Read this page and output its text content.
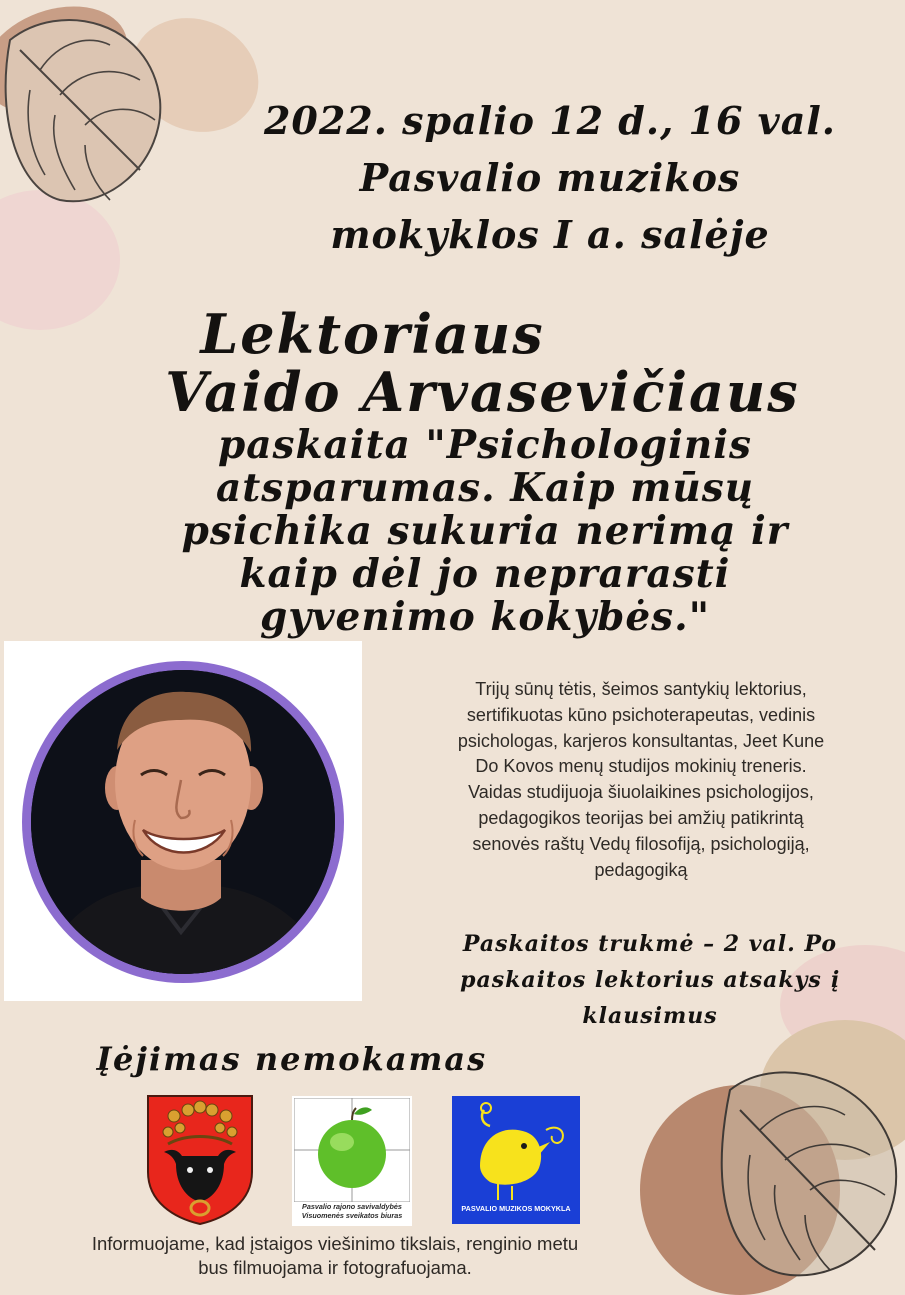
2022. spalio 12 d., 16 val.
Pasvalio muzikos
mokyklos I a. salėje
Lektoriaus
Vaido Arvasevičiaus
paskaita "Psichologinis
atsparumas. Kaip mūsų
psichika sukuria nerimą ir
kaip dėl jo neprarasti
gyvenimo kokybės."
Trijų sūnų tėtis, šeimos santykių lektorius,
sertifikuotas kūno psichoterapeutas, vedinis
psichologas, karjeros konsultantas, Jeet Kune
Do Kovos menų studijos mokinių treneris.
Vaidas studijuoja šiuolaikines psichologijos,
pedagogikos teorijas bei amžių patikrintą
senovės raštų Vedų filosofiją, psichologiją,
pedagogiką
Paskaitos trukmė – 2 val. Po
paskaitos lektorius atsakys į
klausimus
Įėjimas nemokamas
Pasvalio rajono savivaldybės
Visuomenės sveikatos biuras
PASVALIO MUZIKOS MOKYKLA
Informuojame, kad įstaigos viešinimo tikslais, renginio metu
bus filmuojama ir fotografuojama.
